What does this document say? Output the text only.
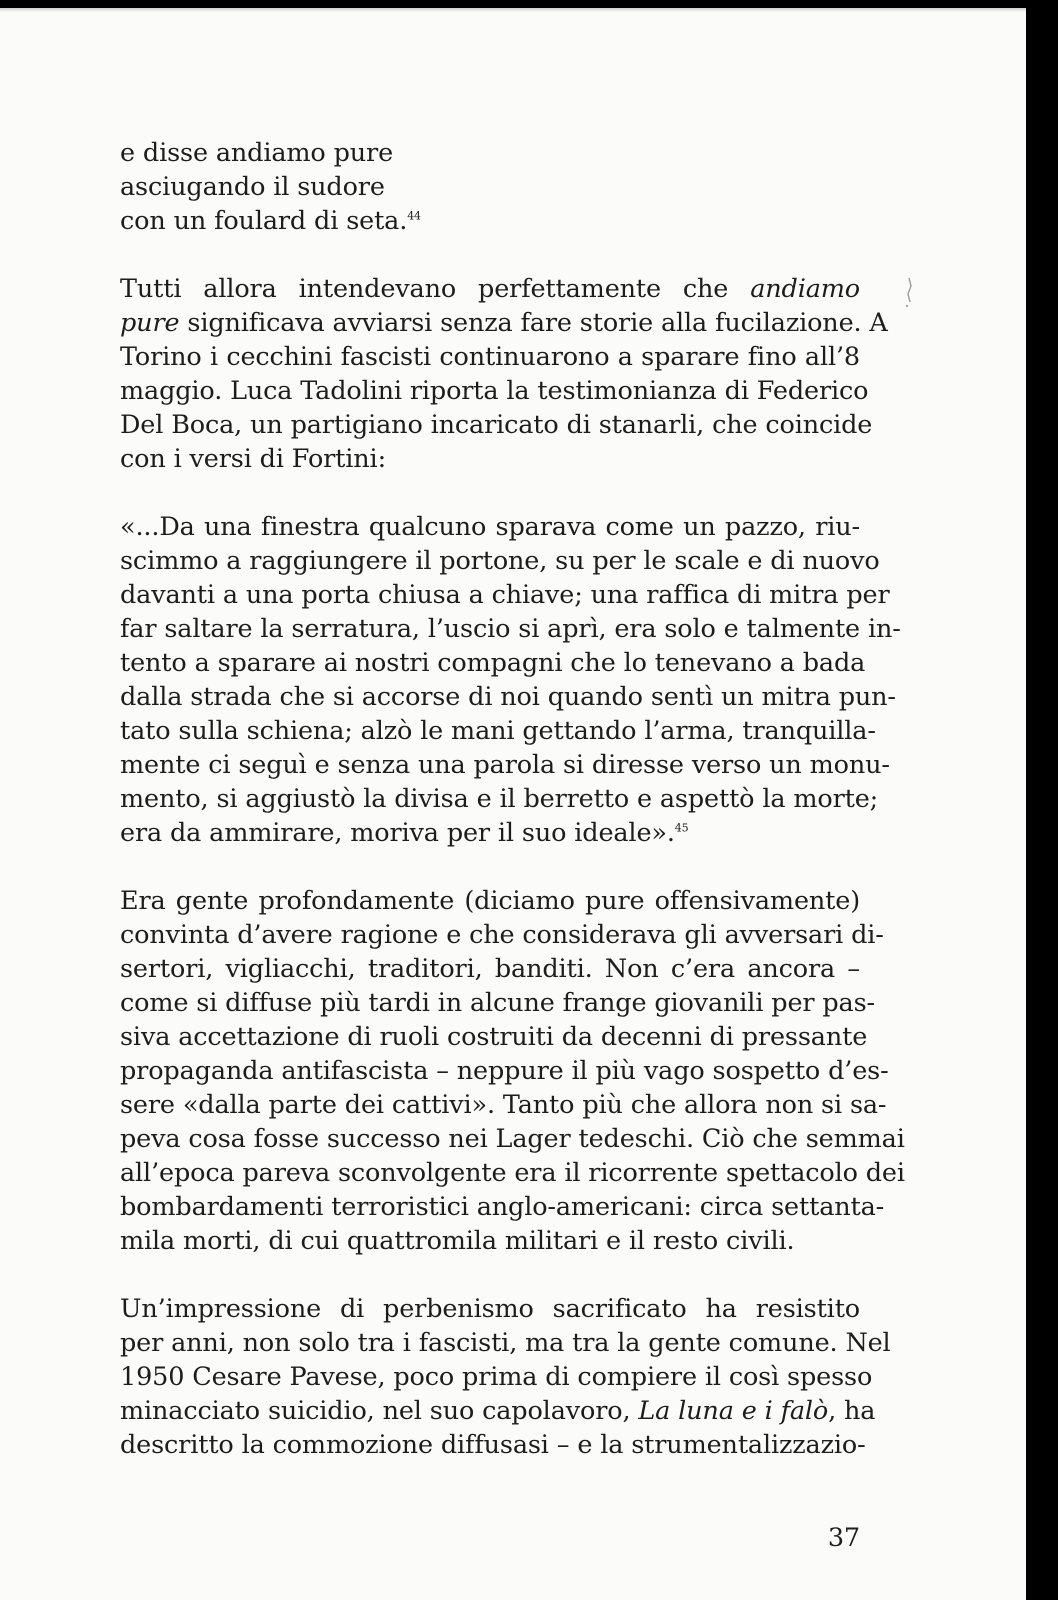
e disse andiamo pure
asciugando il sudore
con un foulard di seta.$^{44}$
Tutti allora intendevano perfettamente che andiamo
pure significava avviarsi senza fare storie alla fucilazione. A
Torino i cecchini fascisti continuarono a sparare fino all’8
maggio. Luca Tadolini riporta la testimonianza di Federico
Del Boca, un partigiano incaricato di stanarli, che coincide
con i versi di Fortini:
«...Da una finestra qualcuno sparava come un pazzo, riu-
scimmo a raggiungere il portone, su per le scale e di nuovo
davanti a una porta chiusa a chiave; una raffica di mitra per
far saltare la serratura, l’uscio si aprì, era solo e talmente in-
tento a sparare ai nostri compagni che lo tenevano a bada
dalla strada che si accorse di noi quando sentì un mitra pun-
tato sulla schiena; alzò le mani gettando l’arma, tranquilla-
mente ci seguì e senza una parola si diresse verso un monu-
mento, si aggiustò la divisa e il berretto e aspettò la morte;
era da ammirare, moriva per il suo ideale».$^{45}$
Era gente profondamente (diciamo pure offensivamente)
convinta d’avere ragione e che considerava gli avversari di-
sertori, vigliacchi, traditori, banditi. Non c’era ancora –
come si diffuse più tardi in alcune frange giovanili per pas-
siva accettazione di ruoli costruiti da decenni di pressante
propaganda antifascista – neppure il più vago sospetto d’es-
sere «dalla parte dei cattivi». Tanto più che allora non si sa-
peva cosa fosse successo nei Lager tedeschi. Ciò che semmai
all’epoca pareva sconvolgente era il ricorrente spettacolo dei
bombardamenti terroristici anglo-americani: circa settanta-
mila morti, di cui quattromila militari e il resto civili.
Un’impressione di perbenismo sacrificato ha resistito
per anni, non solo tra i fascisti, ma tra la gente comune. Nel
1950 Cesare Pavese, poco prima di compiere il così spesso
minacciato suicidio, nel suo capolavoro, La luna e i falò, ha
descritto la commozione diffusasi – e la strumentalizzazio-
37
